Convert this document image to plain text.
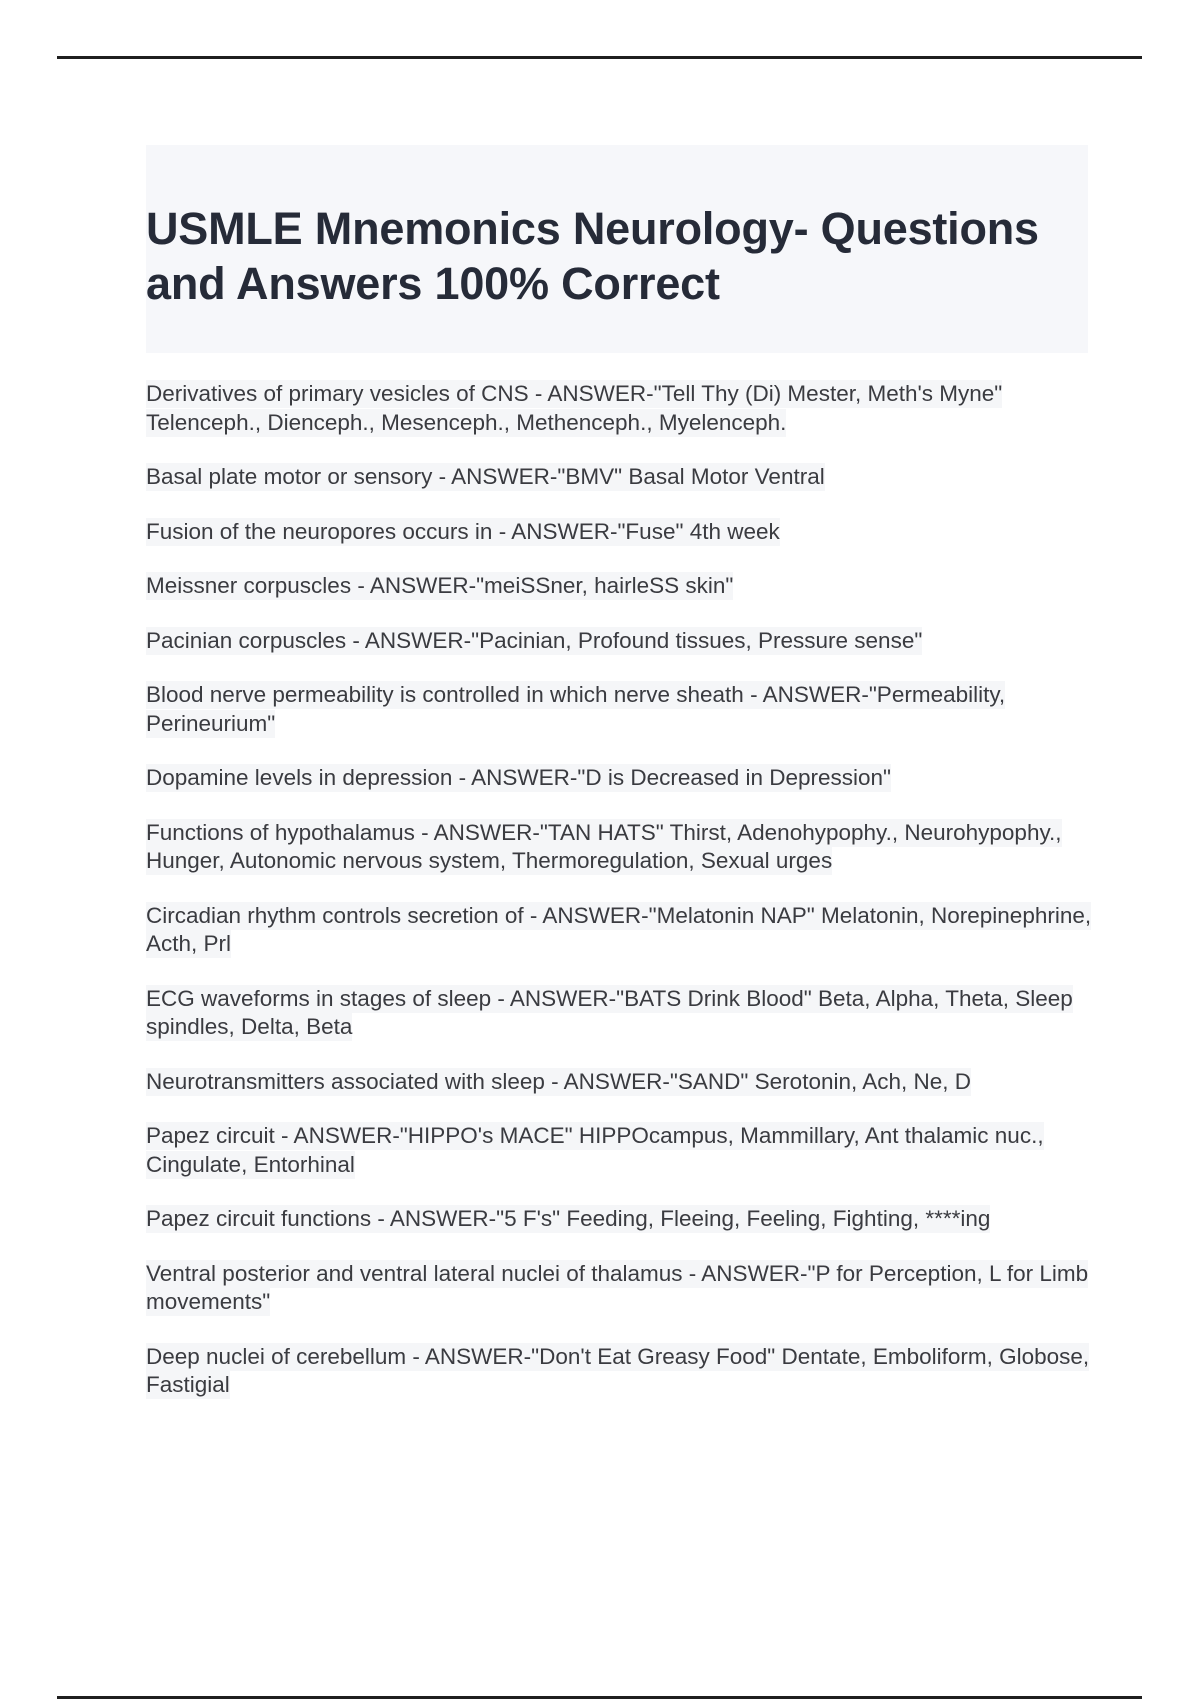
USMLE Mnemonics Neurology- Questions and Answers 100% Correct

Derivatives of primary vesicles of CNS - ANSWER-"Tell Thy (Di) Mester, Meth's Myne" Telenceph., Dienceph., Mesenceph., Methenceph., Myelenceph.

Basal plate motor or sensory - ANSWER-"BMV" Basal Motor Ventral

Fusion of the neuropores occurs in - ANSWER-"Fuse" 4th week

Meissner corpuscles - ANSWER-"meiSSner, hairleSS skin"

Pacinian corpuscles - ANSWER-"Pacinian, Profound tissues, Pressure sense"

Blood nerve permeability is controlled in which nerve sheath - ANSWER-"Permeability, Perineurium"

Dopamine levels in depression - ANSWER-"D is Decreased in Depression"

Functions of hypothalamus - ANSWER-"TAN HATS" Thirst, Adenohypophy., Neurohypophy., Hunger, Autonomic nervous system, Thermoregulation, Sexual urges

Circadian rhythm controls secretion of - ANSWER-"Melatonin NAP" Melatonin, Norepinephrine, Acth, Prl

ECG waveforms in stages of sleep - ANSWER-"BATS Drink Blood" Beta, Alpha, Theta, Sleep spindles, Delta, Beta

Neurotransmitters associated with sleep - ANSWER-"SAND" Serotonin, Ach, Ne, D

Papez circuit - ANSWER-"HIPPO's MACE" HIPPOcampus, Mammillary, Ant thalamic nuc., Cingulate, Entorhinal

Papez circuit functions - ANSWER-"5 F's" Feeding, Fleeing, Feeling, Fighting, ****ing

Ventral posterior and ventral lateral nuclei of thalamus - ANSWER-"P for Perception, L for Limb movements"

Deep nuclei of cerebellum - ANSWER-"Don't Eat Greasy Food" Dentate, Emboliform, Globose, Fastigial
